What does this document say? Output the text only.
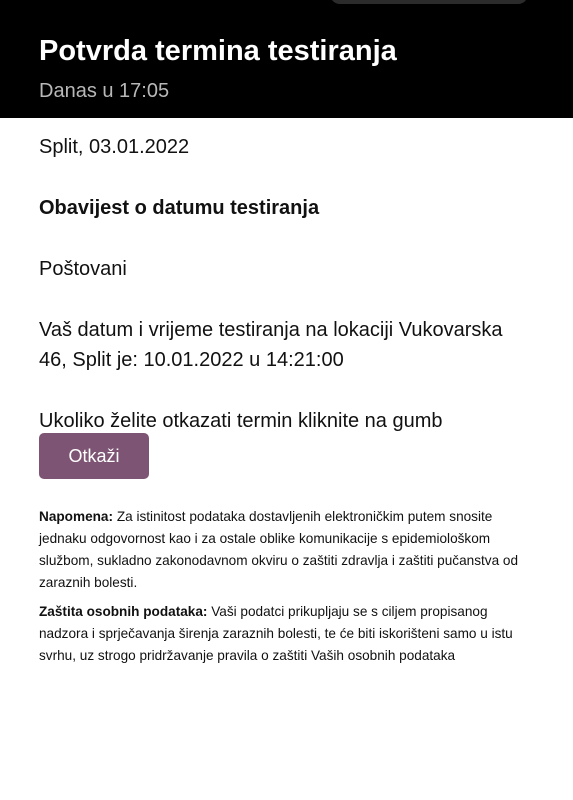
Potvrda termina testiranja
Danas u 17:05

Split, 03.01.2022

Obavijest o datumu testiranja

Poštovani

Vaš datum i vrijeme testiranja na lokaciji Vukovarska 46, Split je: 10.01.2022 u 14:21:00

Ukoliko želite otkazati termin kliknite na gumb

Otkaži

Napomena: Za istinitost podataka dostavljenih elektroničkim putem snosite jednaku odgovornost kao i za ostale oblike komunikacije s epidemiološkom službom, sukladno zakonodavnom okviru o zaštiti zdravlja i zaštiti pučanstva od zaraznih bolesti.

Zaštita osobnih podataka: Vaši podatci prikupljaju se s ciljem propisanog nadzora i sprječavanja širenja zaraznih bolesti, te će biti iskorišteni samo u istu svrhu, uz strogo pridržavanje pravila o zaštiti Vaših osobnih podataka
